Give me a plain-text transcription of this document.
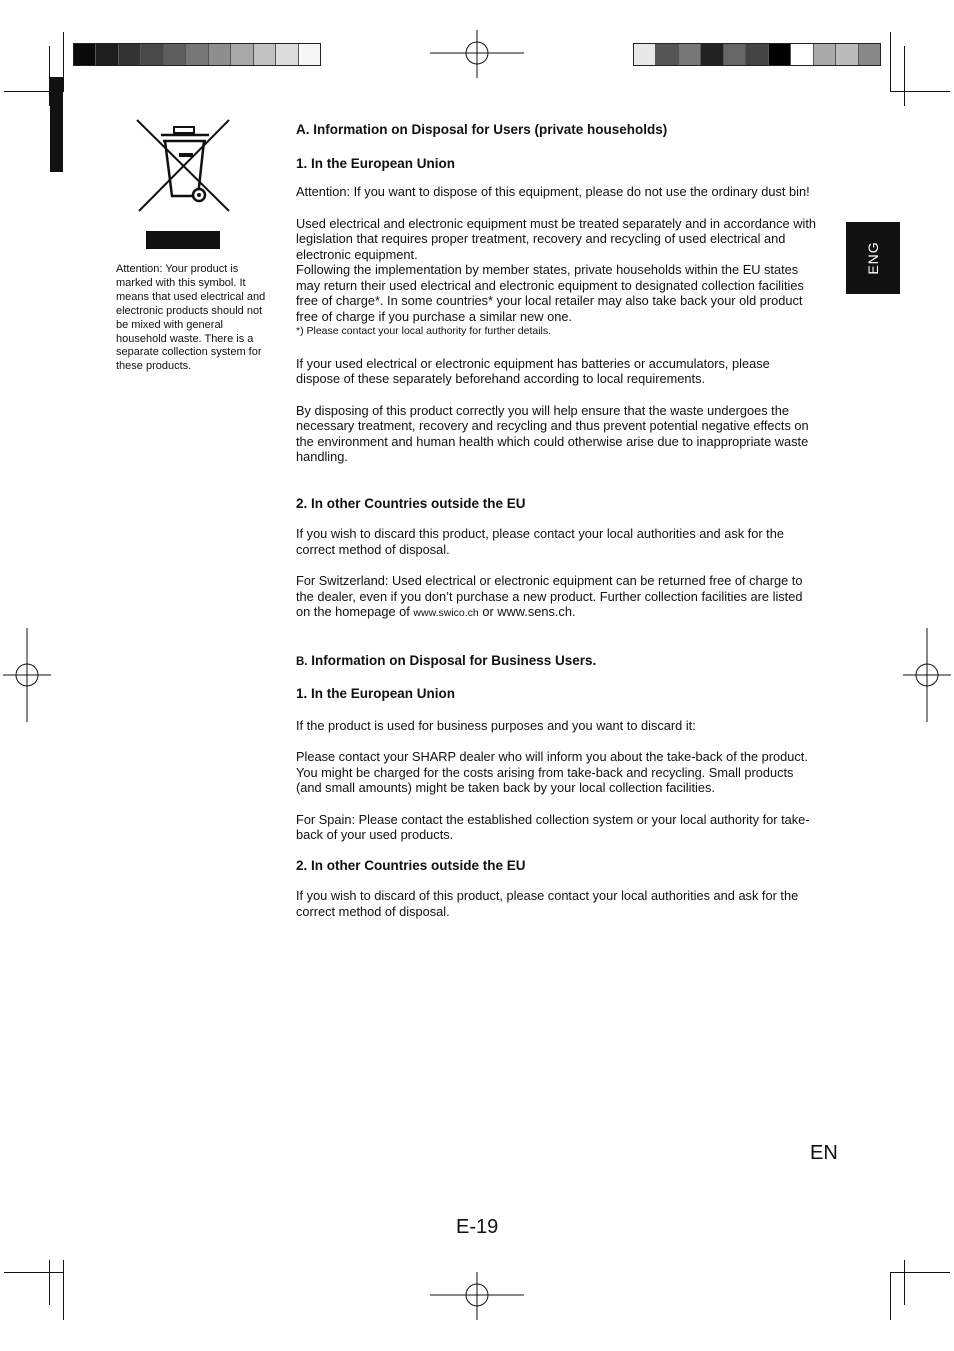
Attention: Your product is marked with this symbol. It means that used electrical and electronic products should not be mixed with general household waste. There is a separate collection system for these products.
ENG

A. Information on Disposal for Users (private households)

1. In the European Union

Attention: If you want to dispose of this equipment, please do not use the ordinary dust bin!

Used electrical and electronic equipment must be treated separately and in accordance with legislation that requires proper treatment, recovery and recycling of used electrical and electronic equipment.

Following the implementation by member states, private households within the EU states may return their used electrical and electronic equipment to designated collection facilities free of charge*. In some countries* your local retailer may also take back your old product free of charge if you purchase a similar new one.

*) Please contact your local authority for further details.

If your used electrical or electronic equipment has batteries or accumulators, please dispose of these separately beforehand according to local requirements.

By disposing of this product correctly you will help ensure that the waste undergoes the necessary treatment, recovery and recycling and thus prevent potential negative effects on the environment and human health which could otherwise arise due to inappropriate waste handling.

2. In other Countries outside the EU

If you wish to discard this product, please contact your local authorities and ask for the correct method of disposal.

For Switzerland: Used electrical or electronic equipment can be returned free of charge to the dealer, even if you don’t purchase a new product. Further collection facilities are listed on the homepage of www.swico.ch or www.sens.ch.

B. Information on Disposal for Business Users.

1. In the European Union

If the product is used for business purposes and you want to discard it:

Please contact your SHARP dealer who will inform you about the take-back of the product. You might be charged for the costs arising from take-back and recycling. Small products (and small amounts) might be taken back by your local collection facilities.

For Spain: Please contact the established collection system or your local authority for take-back of your used products.

2. In other Countries outside the EU

If you wish to discard of this product, please contact your local authorities and ask for the correct method of disposal.

EN
E-19
